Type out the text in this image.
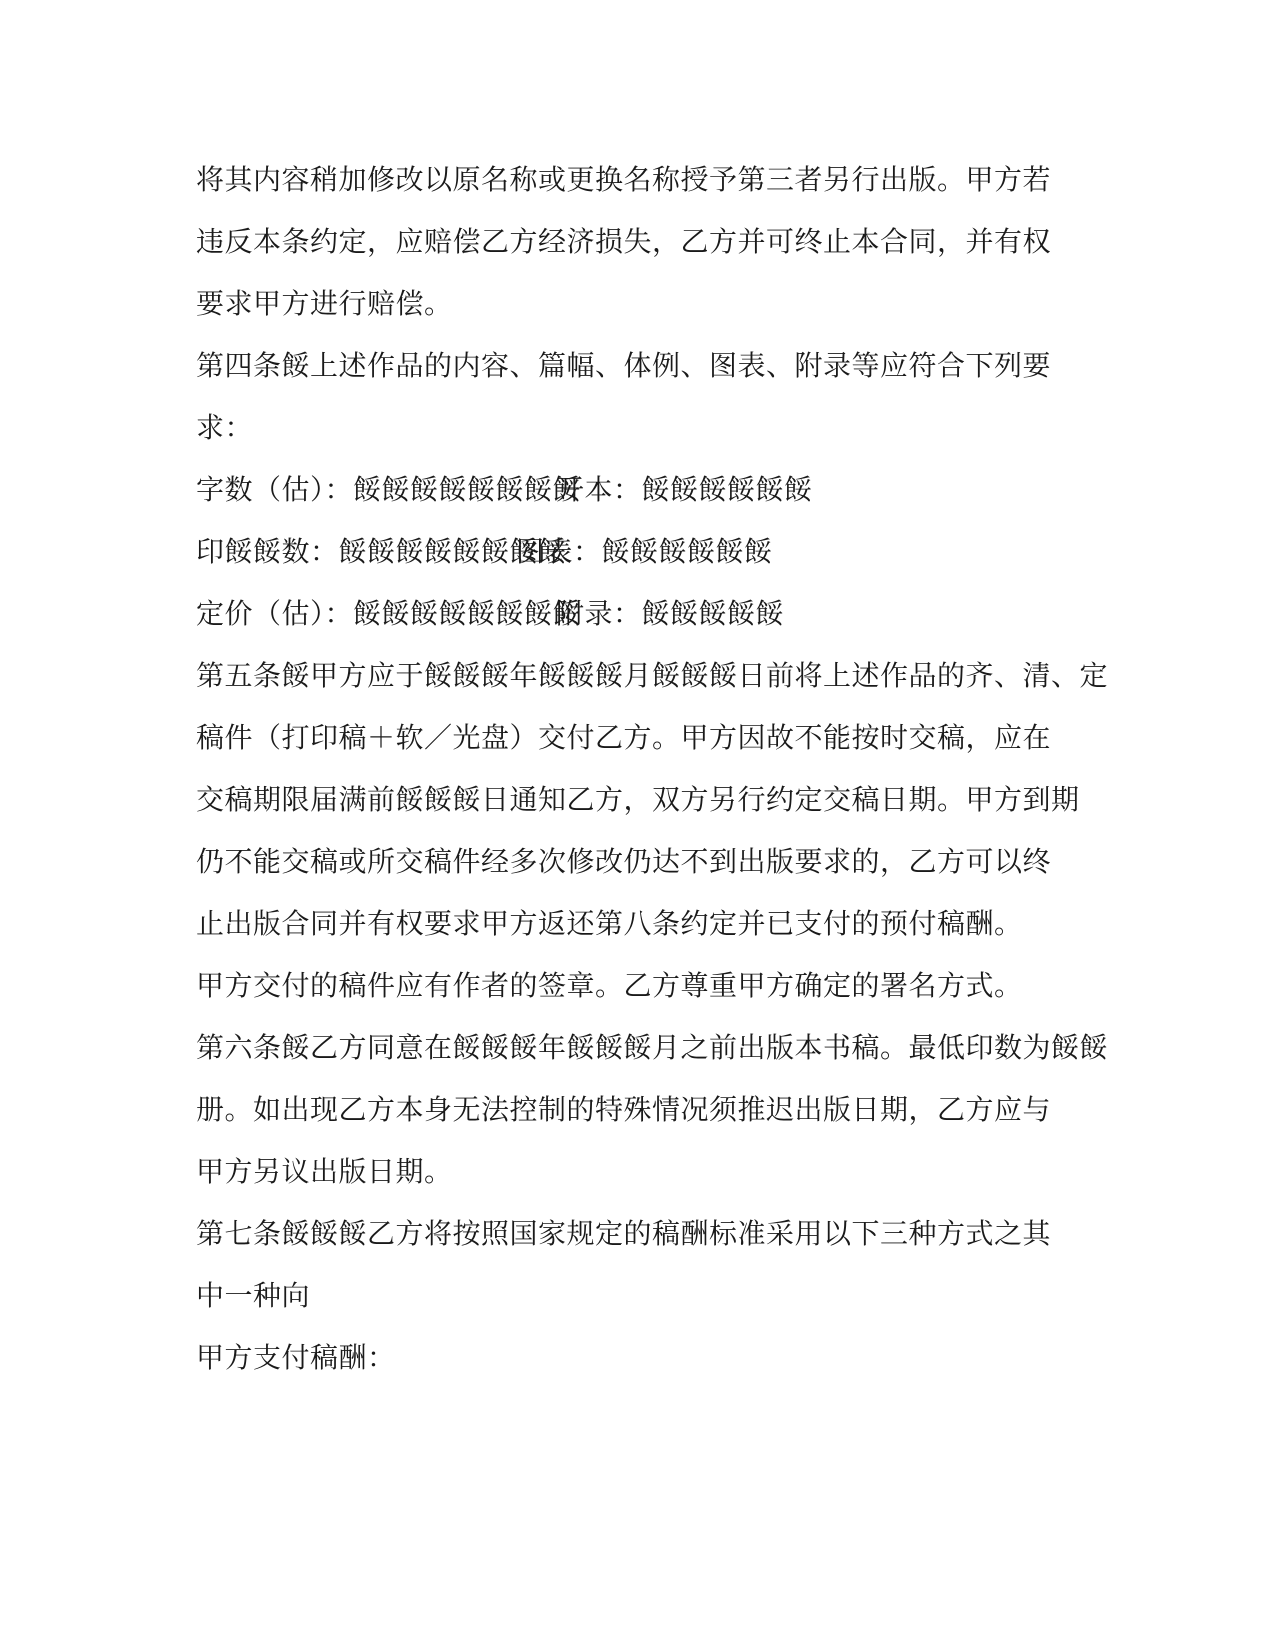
将其内容稍加修改以原名称或更换名称授予第三者另行出版。甲方若
违反本条约定，应赔偿乙方经济损失，乙方并可终止本合同，并有权
要求甲方进行赔偿。
第四条餒上述作品的内容、篇幅、体例、图表、附录等应符合下列要
求：
字数（估）：餒餒餒餒餒餒餒餒
开本：餒餒餒餒餒餒
印餒餒数：餒餒餒餒餒餒餒餒
图表：餒餒餒餒餒餒
定价（估）：餒餒餒餒餒餒餒餒
附录：餒餒餒餒餒
第五条餒甲方应于餒餒餒年餒餒餒月餒餒餒日前将上述作品的齐、清、定
稿件（打印稿＋软／光盘）交付乙方。甲方因故不能按时交稿，应在
交稿期限届满前餒餒餒日通知乙方，双方另行约定交稿日期。甲方到期
仍不能交稿或所交稿件经多次修改仍达不到出版要求的，乙方可以终
止出版合同并有权要求甲方返还第八条约定并已支付的预付稿酬。
甲方交付的稿件应有作者的签章。乙方尊重甲方确定的署名方式。
第六条餒乙方同意在餒餒餒年餒餒餒月之前出版本书稿。最低印数为餒餒
册。如出现乙方本身无法控制的特殊情况须推迟出版日期，乙方应与
甲方另议出版日期。
第七条餒餒餒乙方将按照国家规定的稿酬标准采用以下三种方式之其
中一种向
甲方支付稿酬：
